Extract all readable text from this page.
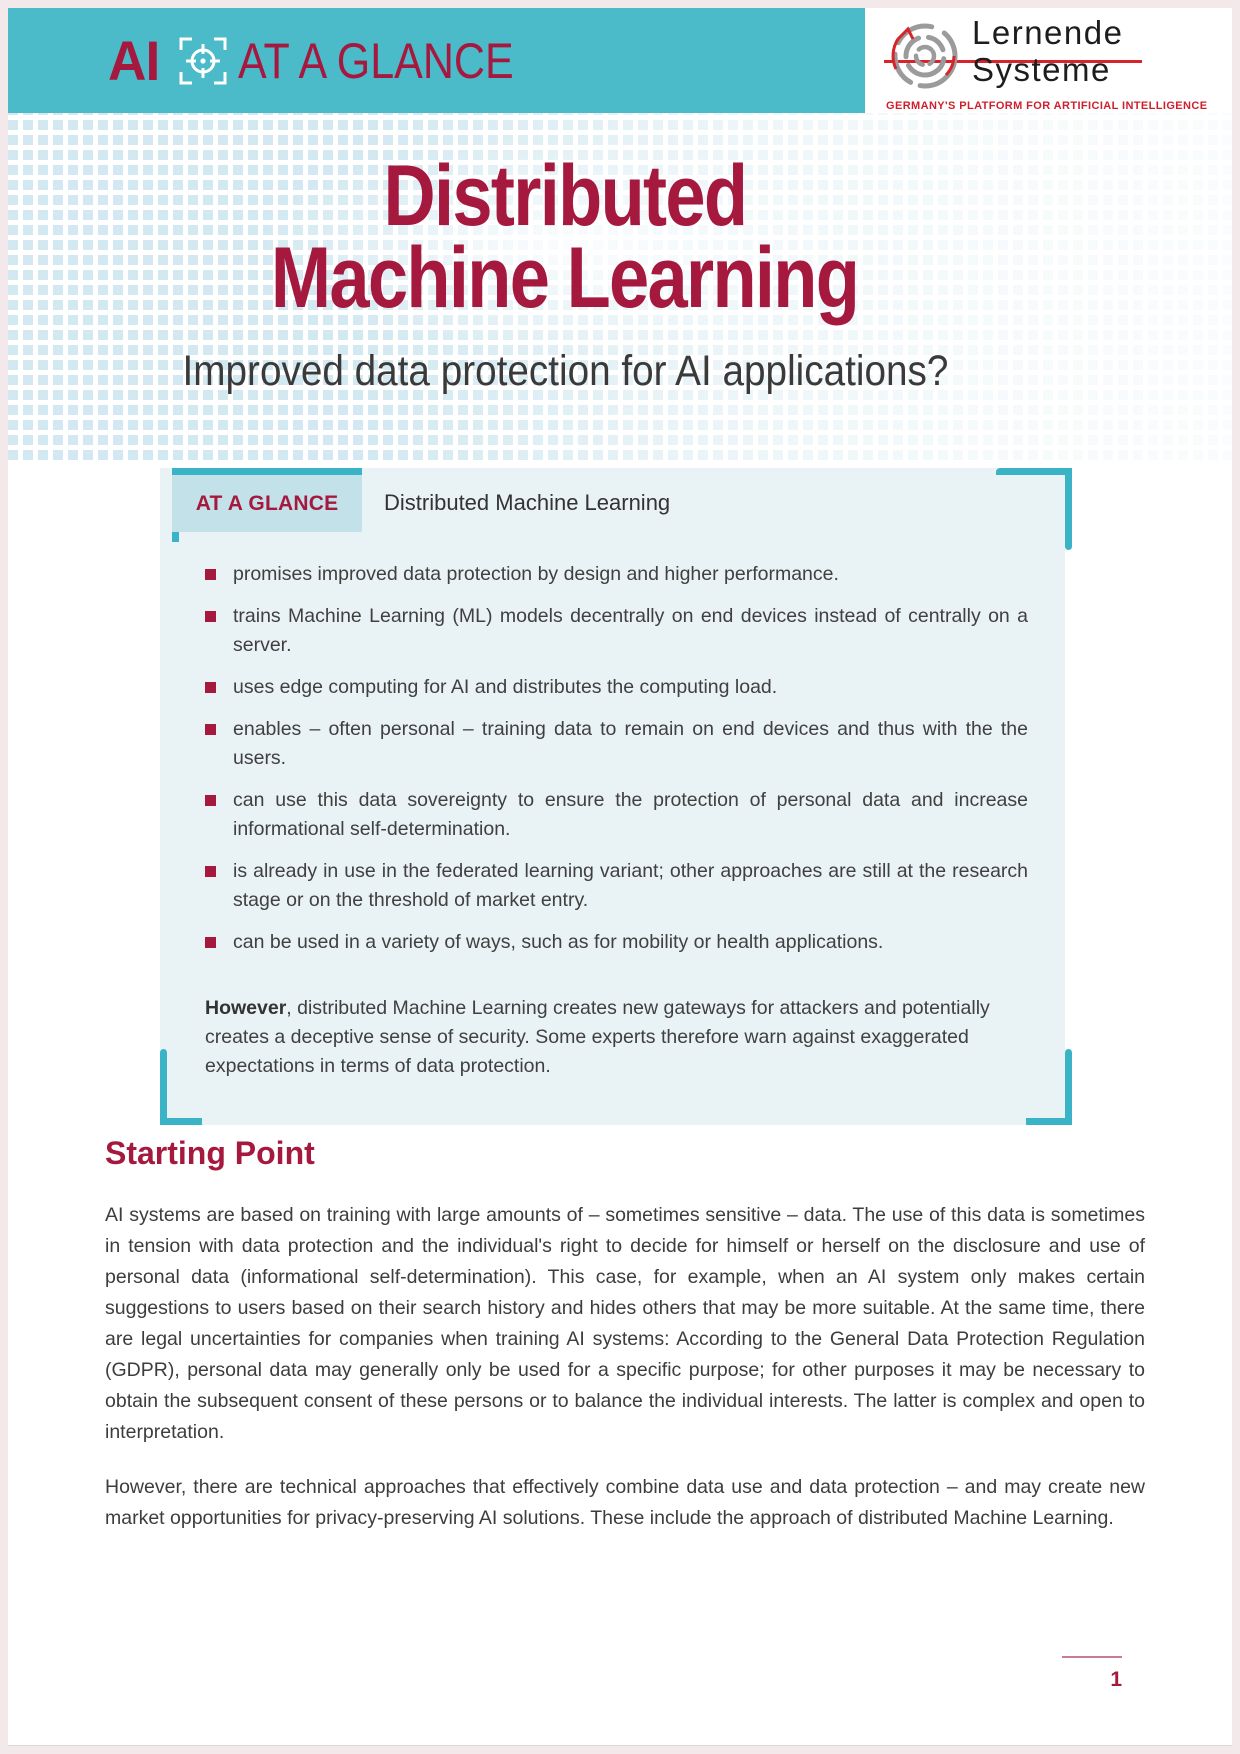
AI AT A GLANCE	Lernende
Systeme
GERMANY'S PLATFORM FOR ARTIFICIAL INTELLIGENCE
Distributed
Machine Learning
Improved data protection for AI applications?
AT A GLANCE Distributed Machine Learning
promises improved data protection by design and higher performance.
trains Machine Learning (ML) models decentrally on end devices instead of centrally on a server.
uses edge computing for AI and distributes the computing load.
enables – often personal – training data to remain on end devices and thus with the the users.
can use this data sovereignty to ensure the protection of personal data and increase informational self-determination.
is already in use in the federated learning variant; other approaches are still at the research stage or on the threshold of market entry.
can be used in a variety of ways, such as for mobility or health applications.
However, distributed Machine Learning creates new gateways for attackers and potentially creates a deceptive sense of security. Some experts therefore warn against exaggerated expectations in terms of data protection.
Starting Point

AI systems are based on training with large amounts of – sometimes sensitive – data. The use of this data is sometimes in tension with data protection and the individual's right to decide for himself or herself on the disclosure and use of personal data (informational self-determination). This case, for example, when an AI system only makes certain suggestions to users based on their search history and hides others that may be more suitable. At the same time, there are legal uncertainties for companies when training AI systems: According to the General Data Protection Regulation (GDPR), personal data may generally only be used for a specific purpose; for other purposes it may be necessary to obtain the subsequent consent of these persons or to balance the individual interests. The latter is complex and open to interpretation.

However, there are technical approaches that effectively combine data use and data protection – and may create new market opportunities for privacy-preserving AI solutions. These include the approach of distributed Machine Learning.

1
